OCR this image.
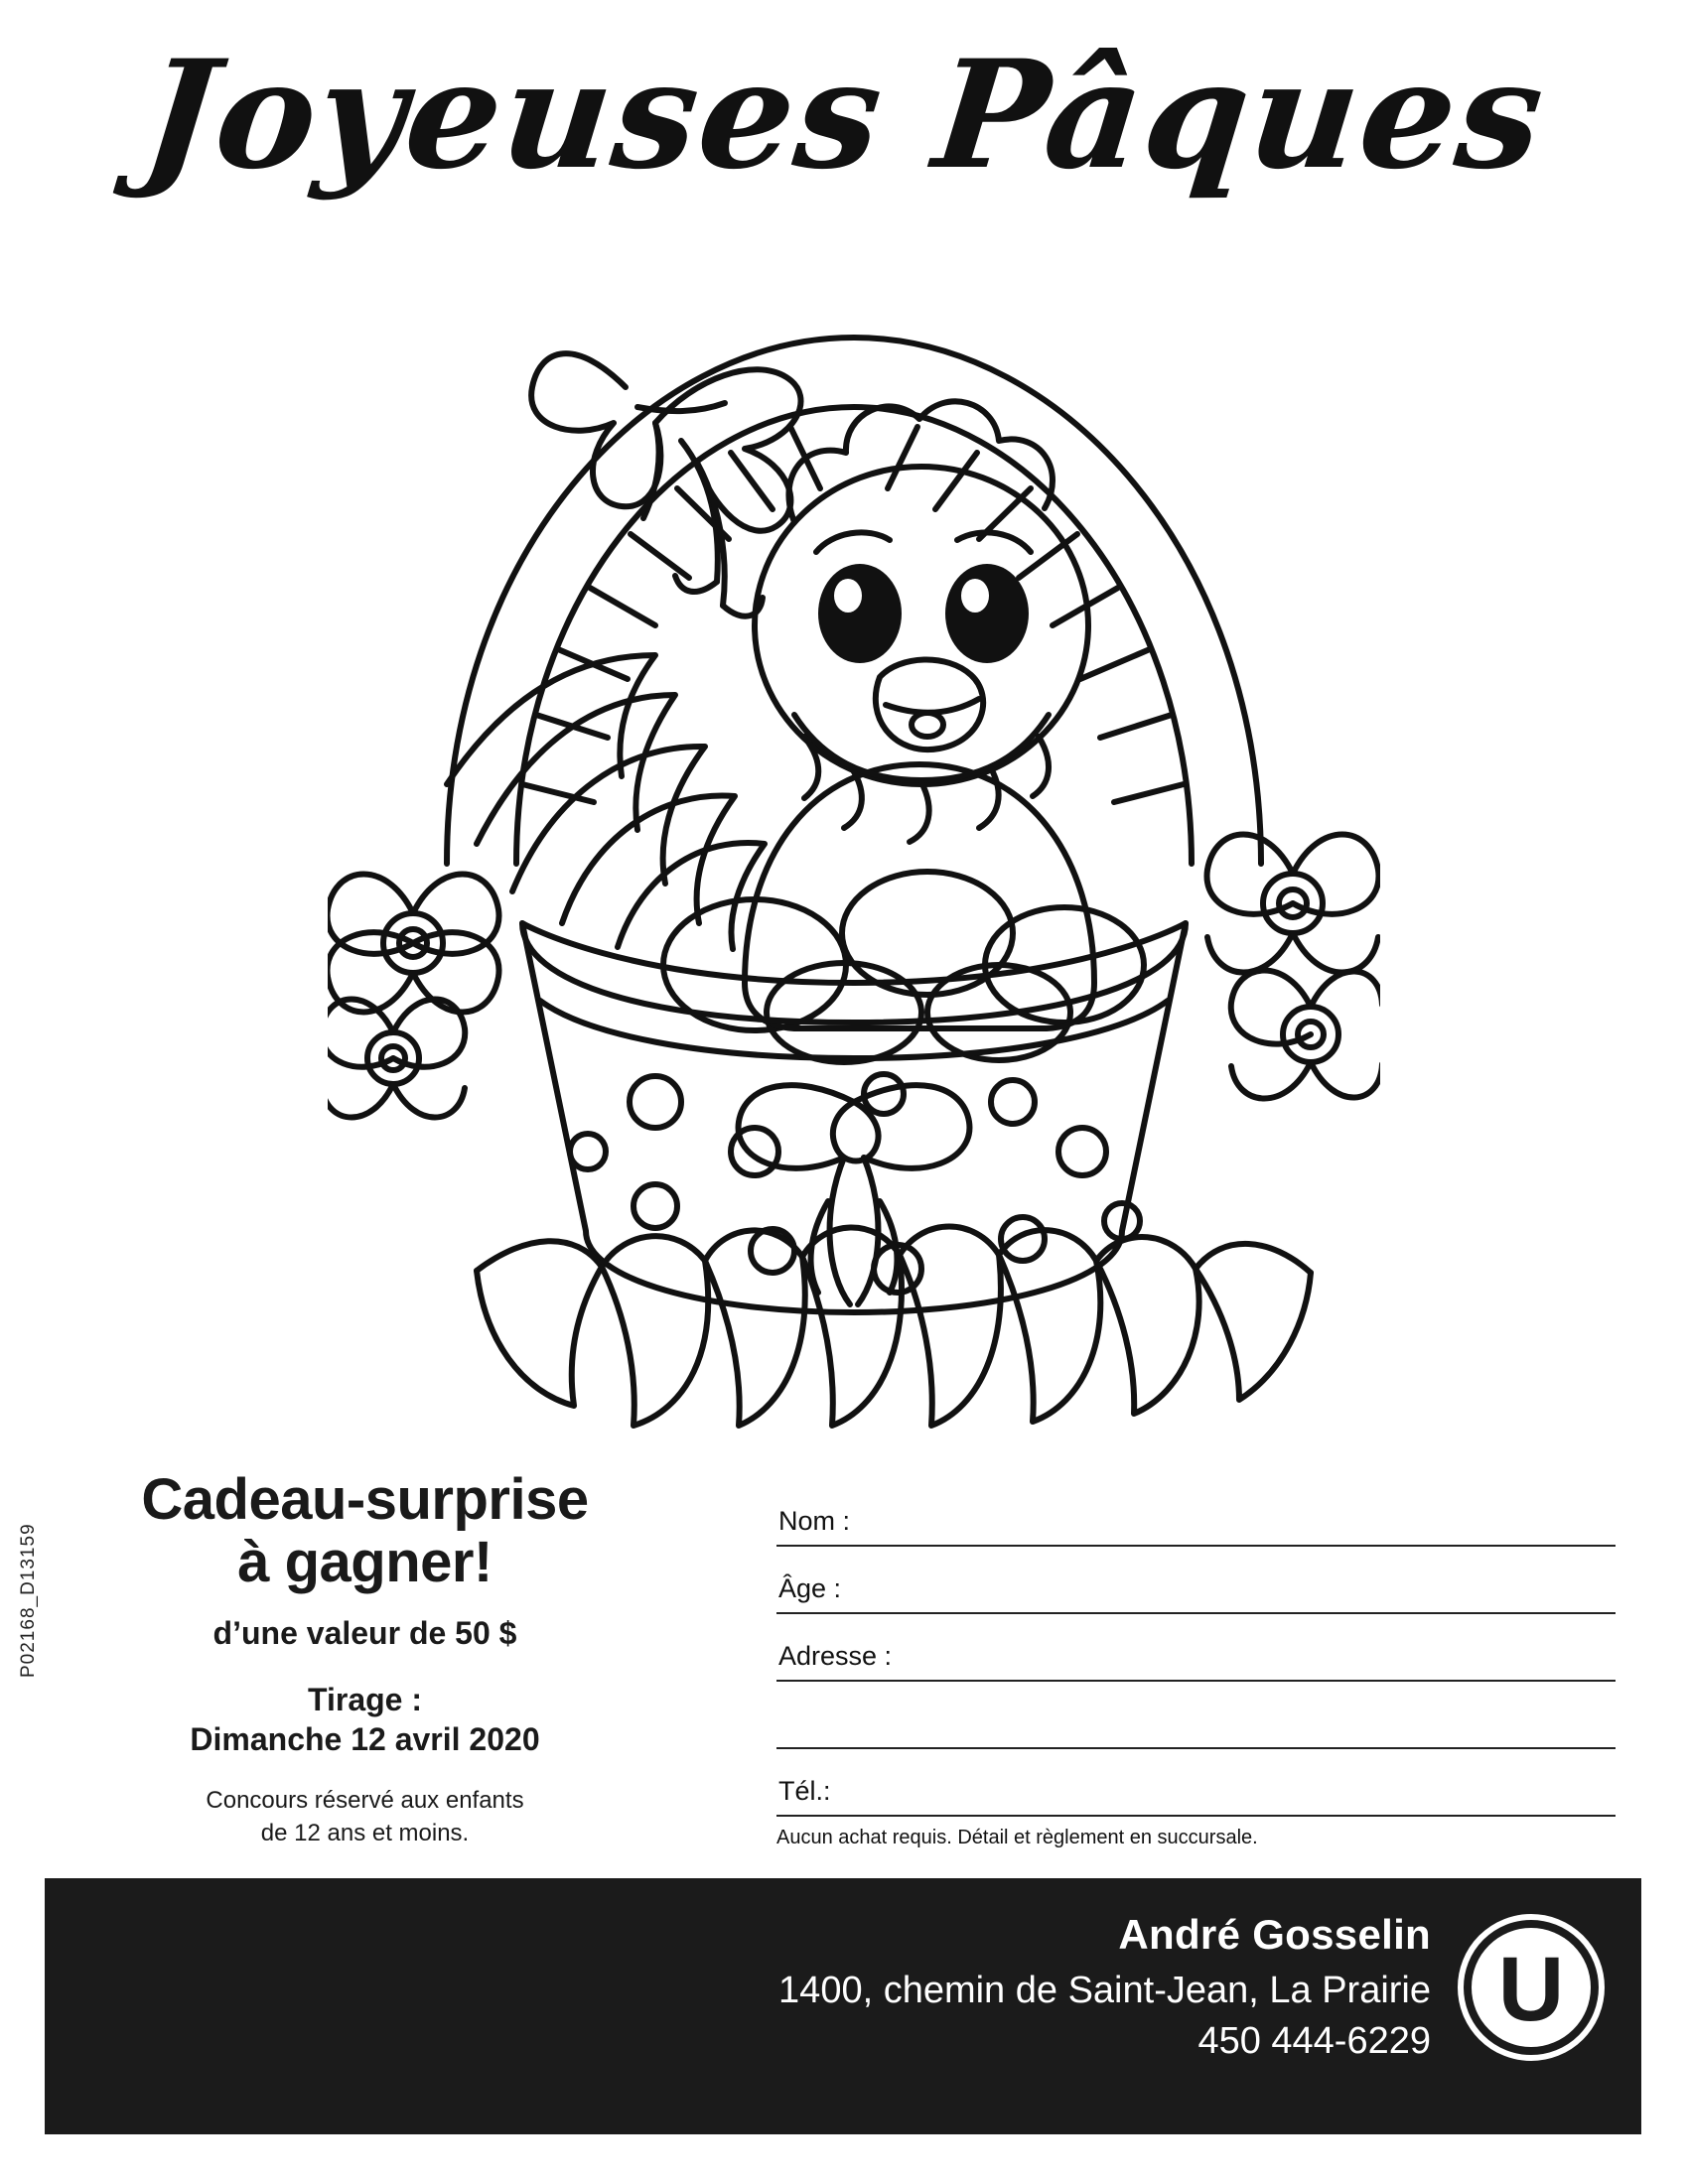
Joyeuses Pâques
P02168_D13159
Cadeau-surprise
à gagner!
d’une valeur de 50 $
Tirage :
Dimanche 12 avril 2020
Concours réservé aux enfants
de 12 ans et moins.
Nom :
Âge :
Adresse :
Tél.:
Aucun achat requis. Détail et règlement en succursale.
André Gosselin
1400, chemin de Saint-Jean, La Prairie
450 444-6229
U
